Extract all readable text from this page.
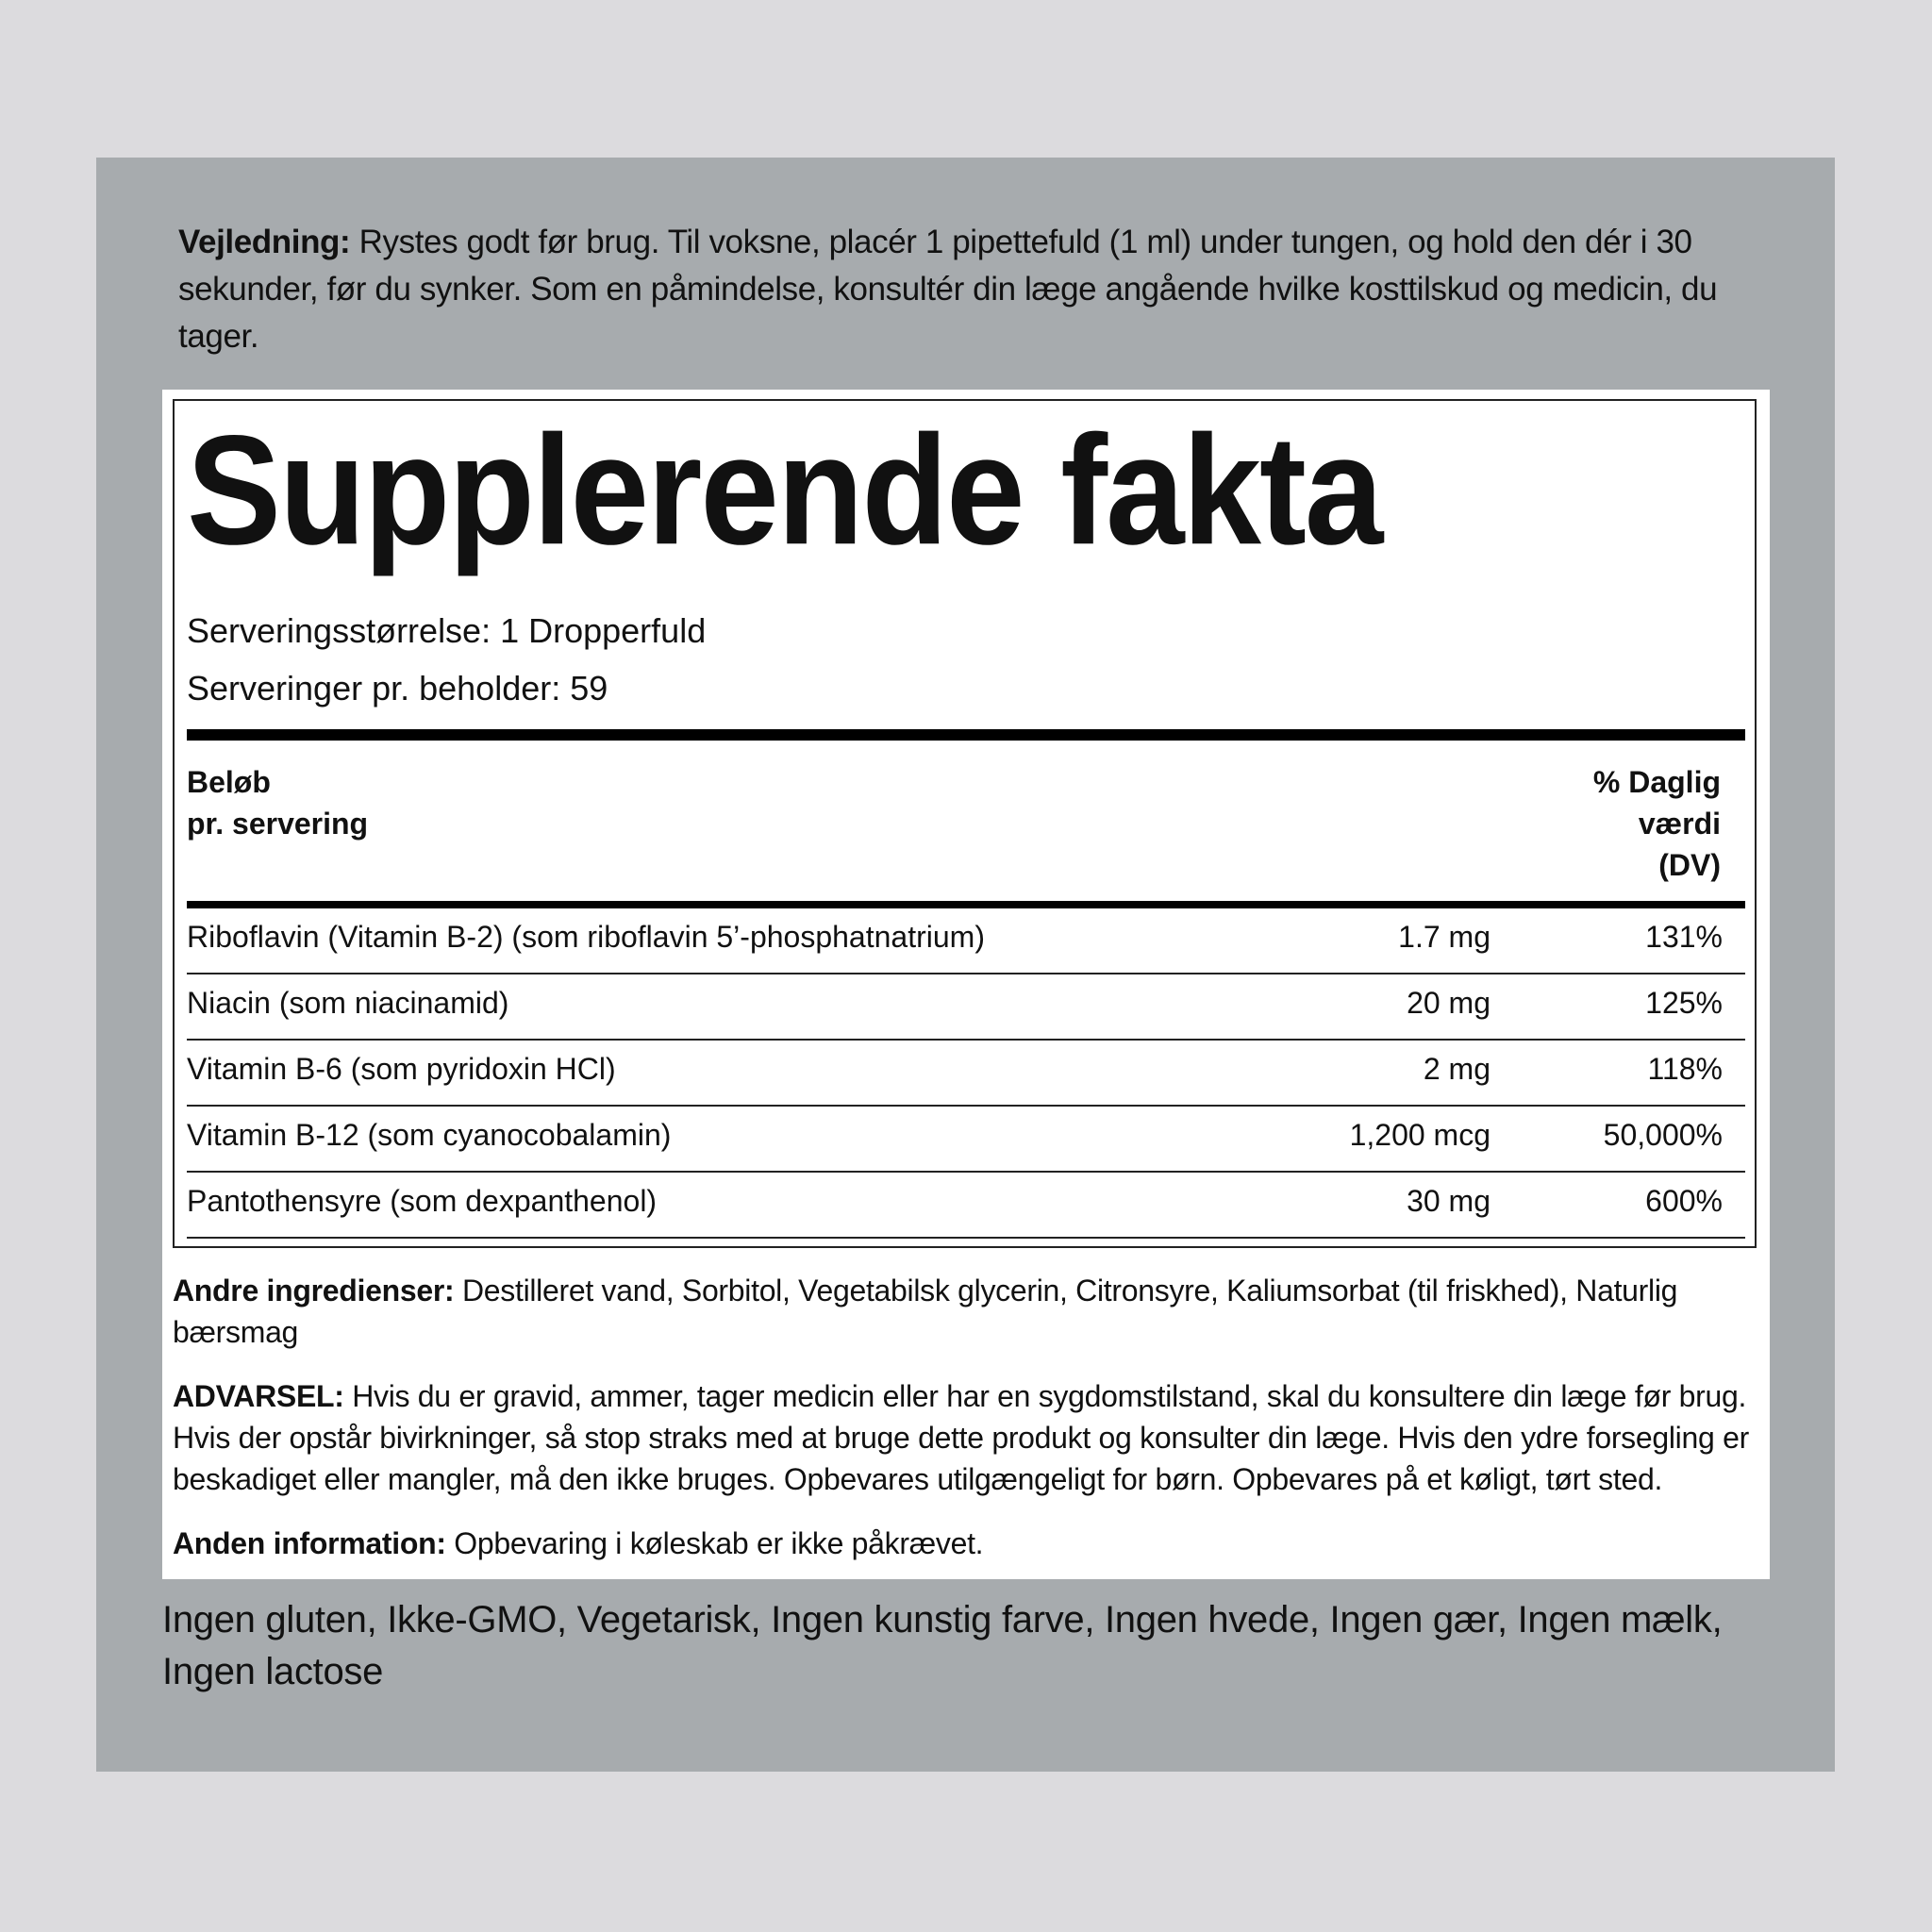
Vejledning: Rystes godt før brug. Til voksne, placér 1 pipettefuld (1 ml) under tungen, og hold den dér i 30 sekunder, før du synker. Som en påmindelse, konsultér din læge angående hvilke kosttilskud og medicin, du tager.
Supplerende fakta
Serveringsstørrelse: 1 Dropperfuld
Serveringer pr. beholder: 59
Beløb
pr. servering
% Daglig
værdi
(DV)
Riboflavin (Vitamin B-2) (som riboflavin 5’-phosphatnatrium)	1.7 mg	131%
Niacin (som niacinamid)	20 mg	125%
Vitamin B-6 (som pyridoxin HCl)	2 mg	118%
Vitamin B-12 (som cyanocobalamin)	1,200 mcg	50,000%
Pantothensyre (som dexpanthenol)	30 mg	600%
Andre ingredienser: Destilleret vand, Sorbitol, Vegetabilsk glycerin, Citronsyre, Kaliumsorbat (til friskhed), Naturlig bærsmag
ADVARSEL: Hvis du er gravid, ammer, tager medicin eller har en sygdomstilstand, skal du konsultere din læge før brug. Hvis der opstår bivirkninger, så stop straks med at bruge dette produkt og konsulter din læge. Hvis den ydre forsegling er beskadiget eller mangler, må den ikke bruges. Opbevares utilgængeligt for børn. Opbevares på et køligt, tørt sted.
Anden information: Opbevaring i køleskab er ikke påkrævet.
Ingen gluten, Ikke-GMO, Vegetarisk, Ingen kunstig farve, Ingen hvede, Ingen gær, Ingen mælk, Ingen lactose
